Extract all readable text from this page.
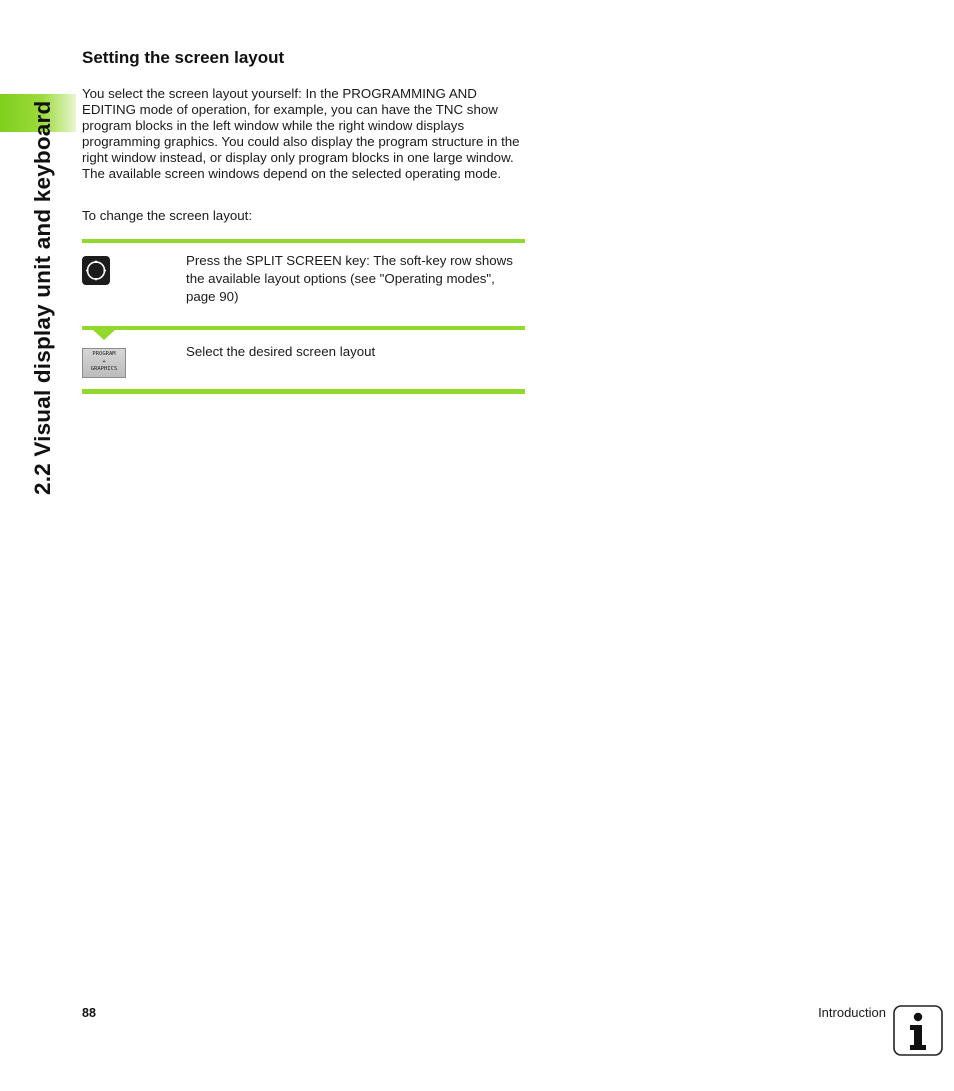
2.2 Visual display unit and keyboard
Setting the screen layout

You select the screen layout yourself: In the PROGRAMMING AND EDITING mode of operation, for example, you can have the TNC show program blocks in the left window while the right window displays programming graphics. You could also display the program structure in the right window instead, or display only program blocks in one large window. The available screen windows depend on the selected operating mode.

To change the screen layout:

Press the SPLIT SCREEN key: The soft-key row shows the available layout options (see "Operating modes", page 90)

PROGRAM
+
GRAPHICS

Select the desired screen layout

88	Introduction
